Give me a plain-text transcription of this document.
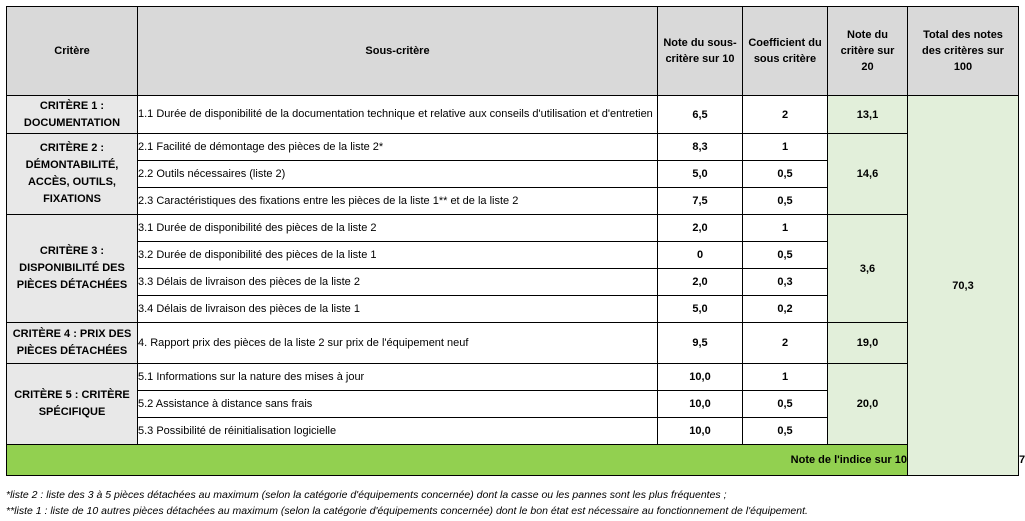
Critère	Sous-critère	Note du sous-critère sur 10	Coefficient du sous critère	Note du critère sur 20	Total des notes des critères sur 100	
CRITÈRE 1 : DOCUMENTATION	1.1 Durée de disponibilité de la documentation technique et relative aux conseils d'utilisation et d'entretien	6,5	2	13,1	70,3	
CRITÈRE 2 : DÉMONTABILITÉ, ACCÈS, OUTILS, FIXATIONS	2.1 Facilité de démontage des pièces de la liste 2*	8,3	1	14,6		
	2.2 Outils nécessaires (liste 2)	5,0	0,5			
	2.3 Caractéristiques des fixations entre les pièces de la liste 1** et de la liste 2	7,5	0,5			
CRITÈRE 3 : DISPONIBILITÉ DES PIÈCES DÉTACHÉES	3.1 Durée de disponibilité des pièces de la liste 2	2,0	1	3,6		
	3.2 Durée de disponibilité des pièces de la liste 1	0	0,5			
	3.3 Délais de livraison des pièces de la liste 2	2,0	0,3			
	3.4 Délais de livraison des pièces de la liste 1	5,0	0,2			
CRITÈRE 4 : PRIX DES PIÈCES DÉTACHÉES	4. Rapport prix des pièces de la liste 2 sur prix de l'équipement neuf	9,5	2	19,0		
CRITÈRE 5 : CRITÈRE SPÉCIFIQUE	5.1 Informations sur la nature des mises à jour	10,0	1	20,0		
	5.2 Assistance à distance sans frais	10,0	0,5			
	5.3 Possibilité de réinitialisation logicielle	10,0	0,5			
Note de l'indice sur 10						7
*liste 2 : liste des 3 à 5 pièces détachées au maximum (selon la catégorie d'équipements concernée) dont la casse ou les pannes sont les plus fréquentes ;
**liste 1 : liste de 10 autres pièces détachées au maximum (selon la catégorie d'équipements concernée) dont le bon état est nécessaire au fonctionnement de l'équipement.
